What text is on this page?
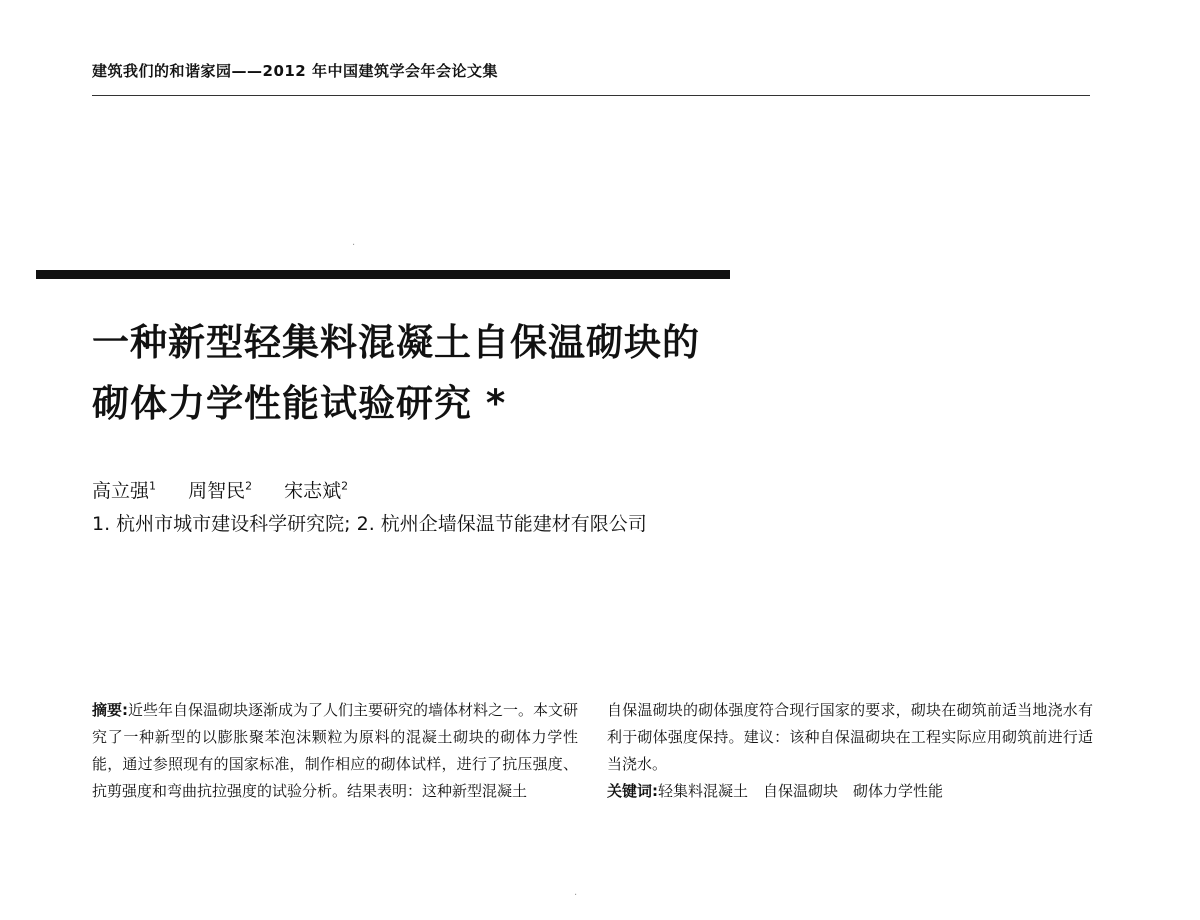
建筑我们的和谐家园——2012 年中国建筑学会年会论文集
·
·
一种新型轻集料混凝土自保温砌块的
砌体力学性能试验研究 *
高立强$^1$ 周智民$^2$ 宋志斌$^2$
1. 杭州市城市建设科学研究院; 2. 杭州企墙保温节能建材有限公司
摘要:近些年自保温砌块逐渐成为了人们主要研究的墙体材料之一。本文研究了一种新型的以膨胀聚苯泡沫颗粒为原料的混凝土砌块的砌体力学性能，通过参照现有的国家标准，制作相应的砌体试样，进行了抗压强度、抗剪强度和弯曲抗拉强度的试验分析。结果表明：这种新型混凝土
自保温砌块的砌体强度符合现行国家的要求，砌块在砌筑前适当地浇水有利于砌体强度保持。建议：该种自保温砌块在工程实际应用砌筑前进行适当浇水。
关键词:轻集料混凝土　自保温砌块　砌体力学性能
